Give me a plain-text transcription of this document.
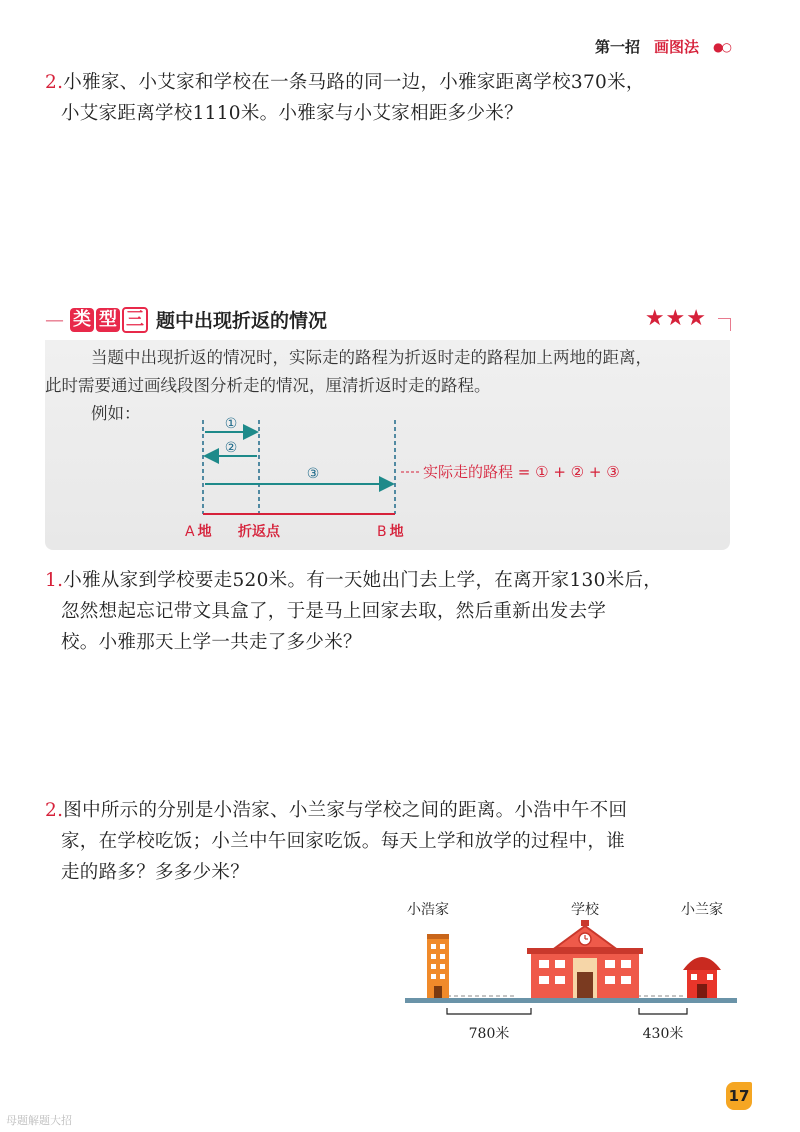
第一招 画图法 ●○
2.小雅家、小艾家和学校在一条马路的同一边，小雅家距离学校370米，
小艾家距离学校1110米。小雅家与小艾家相距多少米？
— 类 型 三 题中出现折返的情况	★★★

当题中出现折返的情况时，实际走的路程为折返时走的路程加上两地的距离，

此时需要通过画线段图分析走的情况，厘清折返时走的路程。

例如：

①
②
③	实际走的路程 = ① + ② + ③
A 地 折返点	B 地
1.小雅从家到学校要走520米。有一天她出门去上学，在离开家130米后，
忽然想起忘记带文具盒了，于是马上回家去取，然后重新出发去学
校。小雅那天上学一共走了多少米？
2.图中所示的分别是小浩家、小兰家与学校之间的距离。小浩中午不回
家，在学校吃饭；小兰中午回家吃饭。每天上学和放学的过程中，谁
走的路多？多多少米？
小浩家	学校	小兰家
780米	430米
17
母题解题大招
